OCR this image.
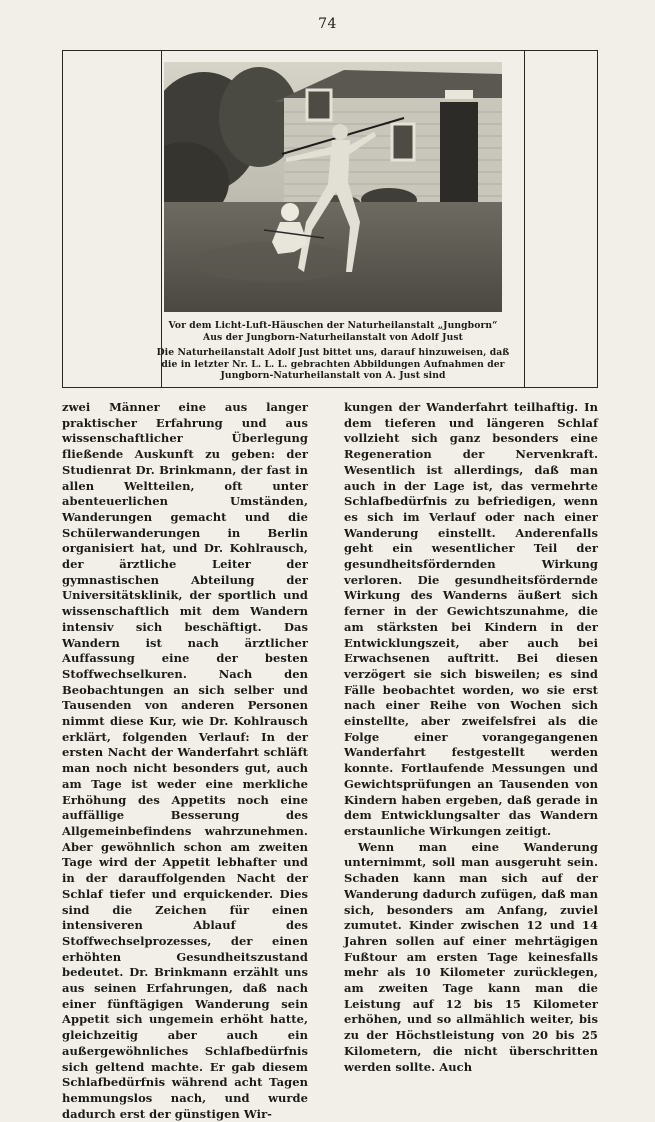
74
Vor dem Licht-Luft-Häuschen der Naturheilanstalt „Jungborn“
Aus der Jungborn-Naturheilanstalt von Adolf Just
Die Naturheilanstalt Adolf Just bittet uns, darauf hinzuweisen, daß die in letzter Nr. L. L. L. gebrachten Abbildungen Aufnahmen der Jungborn-Naturheilanstalt von A. Just sind

zwei Männer eine aus langer praktischer Erfahrung und aus wissenschaftlicher Überlegung fließende Auskunft zu geben: der Studienrat Dr. Brinkmann, der fast in allen Weltteilen, oft unter abenteuerlichen Umständen, Wanderungen gemacht und die Schülerwanderungen in Berlin organisiert hat, und Dr. Kohlrausch, der ärztliche Leiter der gymnastischen Abteilung der Universitätsklinik, der sportlich und wissenschaftlich mit dem Wandern intensiv sich beschäftigt. Das Wandern ist nach ärztlicher Auffassung eine der besten Stoffwechselkuren. Nach den Beobachtungen an sich selber und Tausenden von anderen Personen nimmt diese Kur, wie Dr. Kohlrausch erklärt, folgenden Verlauf: In der ersten Nacht der Wanderfahrt schläft man noch nicht besonders gut, auch am Tage ist weder eine merkliche Erhöhung des Appetits noch eine auffällige Besserung des Allgemeinbefindens wahrzunehmen. Aber gewöhnlich schon am zweiten Tage wird der Appetit lebhafter und in der darauffolgenden Nacht der Schlaf tiefer und erquickender. Dies sind die Zeichen für einen intensiveren Ablauf des Stoffwechselprozesses, der einen erhöhten Gesundheitszustand bedeutet. Dr. Brinkmann erzählt uns aus seinen Erfahrungen, daß nach einer fünftägigen Wanderung sein Appetit sich ungemein erhöht hatte, gleichzeitig aber auch ein außergewöhnliches Schlafbedürfnis sich geltend machte. Er gab diesem Schlafbedürfnis während acht Tagen hemmungslos nach, und wurde dadurch erst der günstigen Wir-

kungen der Wanderfahrt teilhaftig. In dem tieferen und längeren Schlaf vollzieht sich ganz besonders eine Regeneration der Nervenkraft. Wesentlich ist allerdings, daß man auch in der Lage ist, das vermehrte Schlafbedürfnis zu befriedigen, wenn es sich im Verlauf oder nach einer Wanderung einstellt. Anderenfalls geht ein wesentlicher Teil der gesundheitsfördernden Wirkung verloren. Die gesundheitsfördernde Wirkung des Wanderns äußert sich ferner in der Gewichtszunahme, die am stärksten bei Kindern in der Entwicklungszeit, aber auch bei Erwachsenen auftritt. Bei diesen verzögert sie sich bisweilen; es sind Fälle beobachtet worden, wo sie erst nach einer Reihe von Wochen sich einstellte, aber zweifelsfrei als die Folge einer vorangegangenen Wanderfahrt festgestellt werden konnte. Fortlaufende Messungen und Gewichtsprüfungen an Tausenden von Kindern haben ergeben, daß gerade in dem Entwicklungsalter das Wandern erstaunliche Wirkungen zeitigt.

Wenn man eine Wanderung unternimmt, soll man ausgeruht sein. Schaden kann man sich auf der Wanderung dadurch zufügen, daß man sich, besonders am Anfang, zuviel zumutet. Kinder zwischen 12 und 14 Jahren sollen auf einer mehrtägigen Fußtour am ersten Tage keinesfalls mehr als 10 Kilometer zurücklegen, am zweiten Tage kann man die Leistung auf 12 bis 15 Kilometer erhöhen, und so allmählich weiter, bis zu der Höchstleistung von 20 bis 25 Kilometern, die nicht überschritten werden sollte. Auch
